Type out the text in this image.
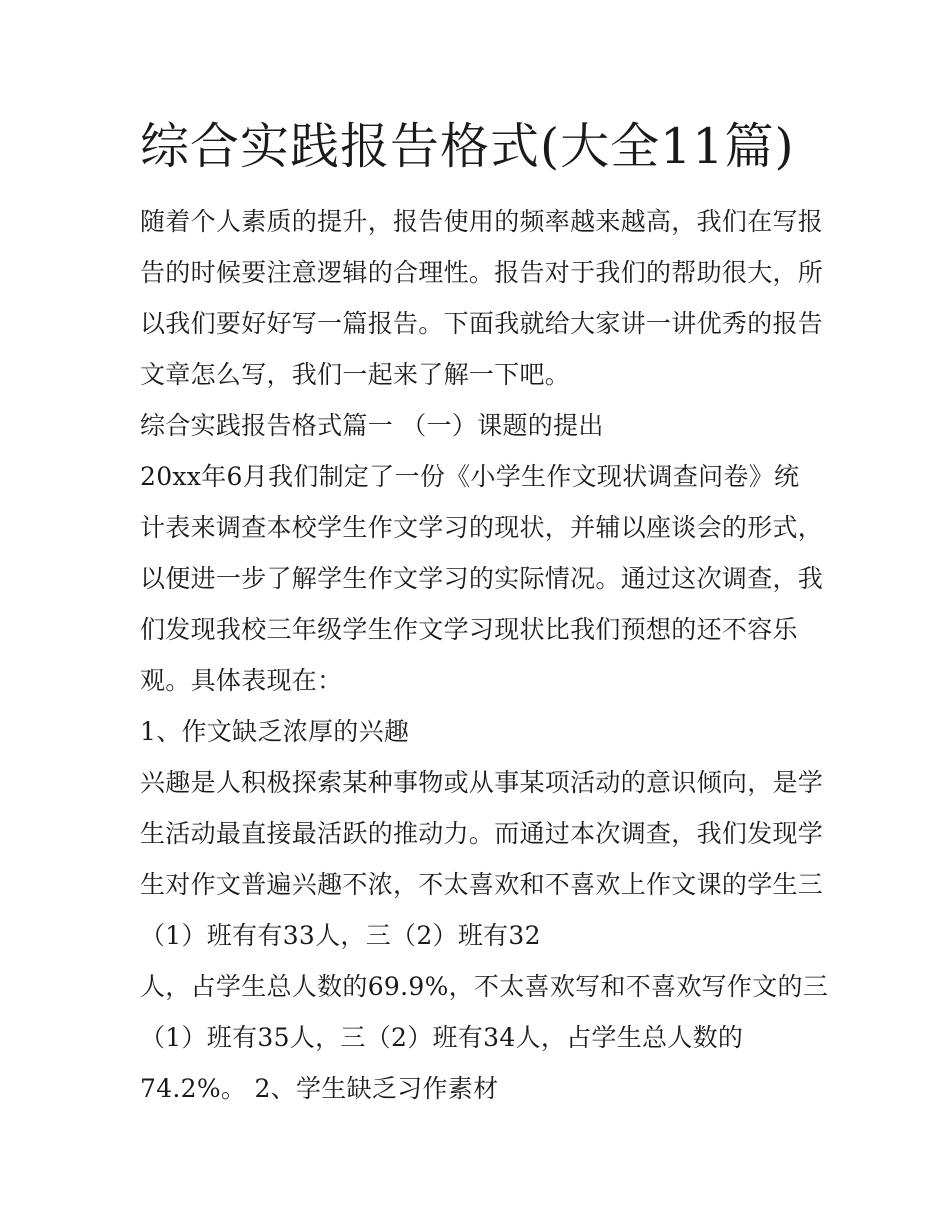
综合实践报告格式(大全11篇)

随着个人素质的提升，报告使用的频率越来越高，我们在写报

告的时候要注意逻辑的合理性。报告对于我们的帮助很大，所

以我们要好好写一篇报告。下面我就给大家讲一讲优秀的报告

文章怎么写，我们一起来了解一下吧。

综合实践报告格式篇一 （一）课题的提出

20xx年6月我们制定了一份《小学生作文现状调查问卷》统

计表来调查本校学生作文学习的现状，并辅以座谈会的形式，

以便进一步了解学生作文学习的实际情况。通过这次调查，我

们发现我校三年级学生作文学习现状比我们预想的还不容乐

观。具体表现在：

1、作文缺乏浓厚的兴趣

兴趣是人积极探索某种事物或从事某项活动的意识倾向，是学

生活动最直接最活跃的推动力。而通过本次调查，我们发现学

生对作文普遍兴趣不浓，不太喜欢和不喜欢上作文课的学生三

（1）班有有33人，三（2）班有32

人，占学生总人数的69.9%，不太喜欢写和不喜欢写作文的三

（1）班有35人，三（2）班有34人，占学生总人数的

74.2%。 2、学生缺乏习作素材
